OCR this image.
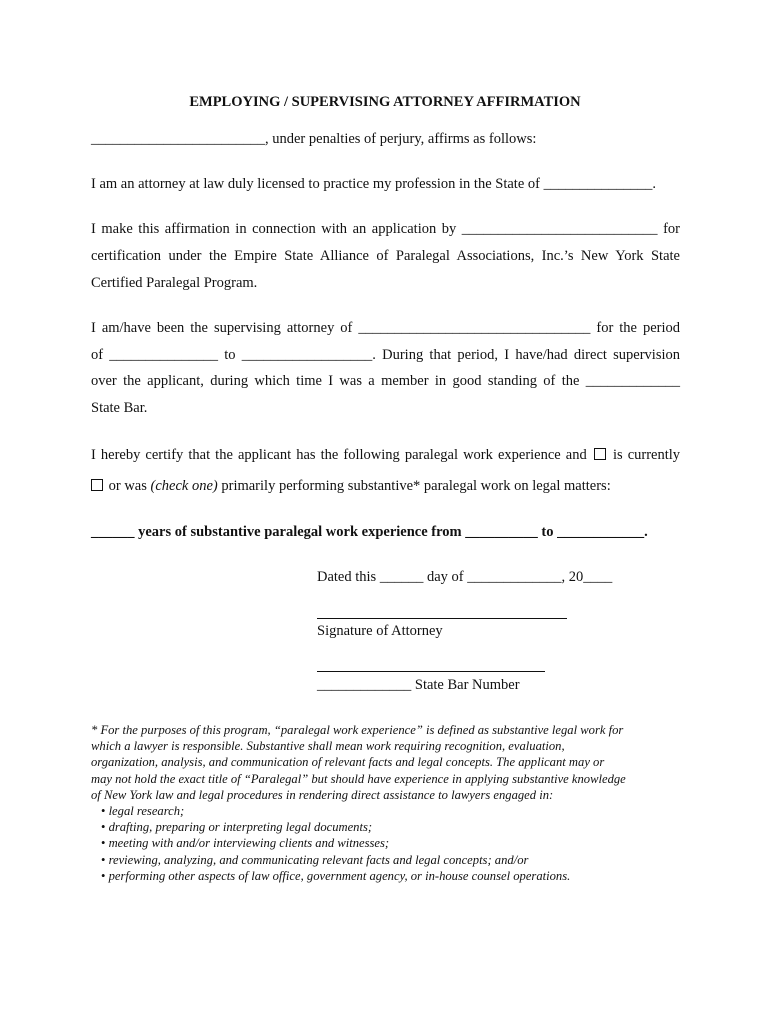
EMPLOYING / SUPERVISING ATTORNEY AFFIRMATION
________________________, under penalties of perjury, affirms as follows:
I am an attorney at law duly licensed to practice my profession in the State of _______________.
I make this affirmation in connection with an application by ___________________________ for
certification under the Empire State Alliance of Paralegal Associations, Inc.’s New York State
Certified Paralegal Program.
I am/have been the supervising attorney of ________________________________ for the period
of _______________ to __________________. During that period, I have/had direct supervision
over the applicant, during which time I was a member in good standing of the _____________
State Bar.
I hereby certify that the applicant has the following paralegal work experience and is currently
or was (check one) primarily performing substantive* paralegal work on legal matters:
______ years of substantive paralegal work experience from __________ to ____________.
Dated this ______ day of _____________, 20____
Signature of Attorney
_____________ State Bar Number
* For the purposes of this program, “paralegal work experience” is defined as substantive legal work for
which a lawyer is responsible. Substantive shall mean work requiring recognition, evaluation,
organization, analysis, and communication of relevant facts and legal concepts. The applicant may or
may not hold the exact title of “Paralegal” but should have experience in applying substantive knowledge
of New York law and legal procedures in rendering direct assistance to lawyers engaged in:
• legal research;
• drafting, preparing or interpreting legal documents;
• meeting with and/or interviewing clients and witnesses;
• reviewing, analyzing, and communicating relevant facts and legal concepts; and/or
• performing other aspects of law office, government agency, or in-house counsel operations.
